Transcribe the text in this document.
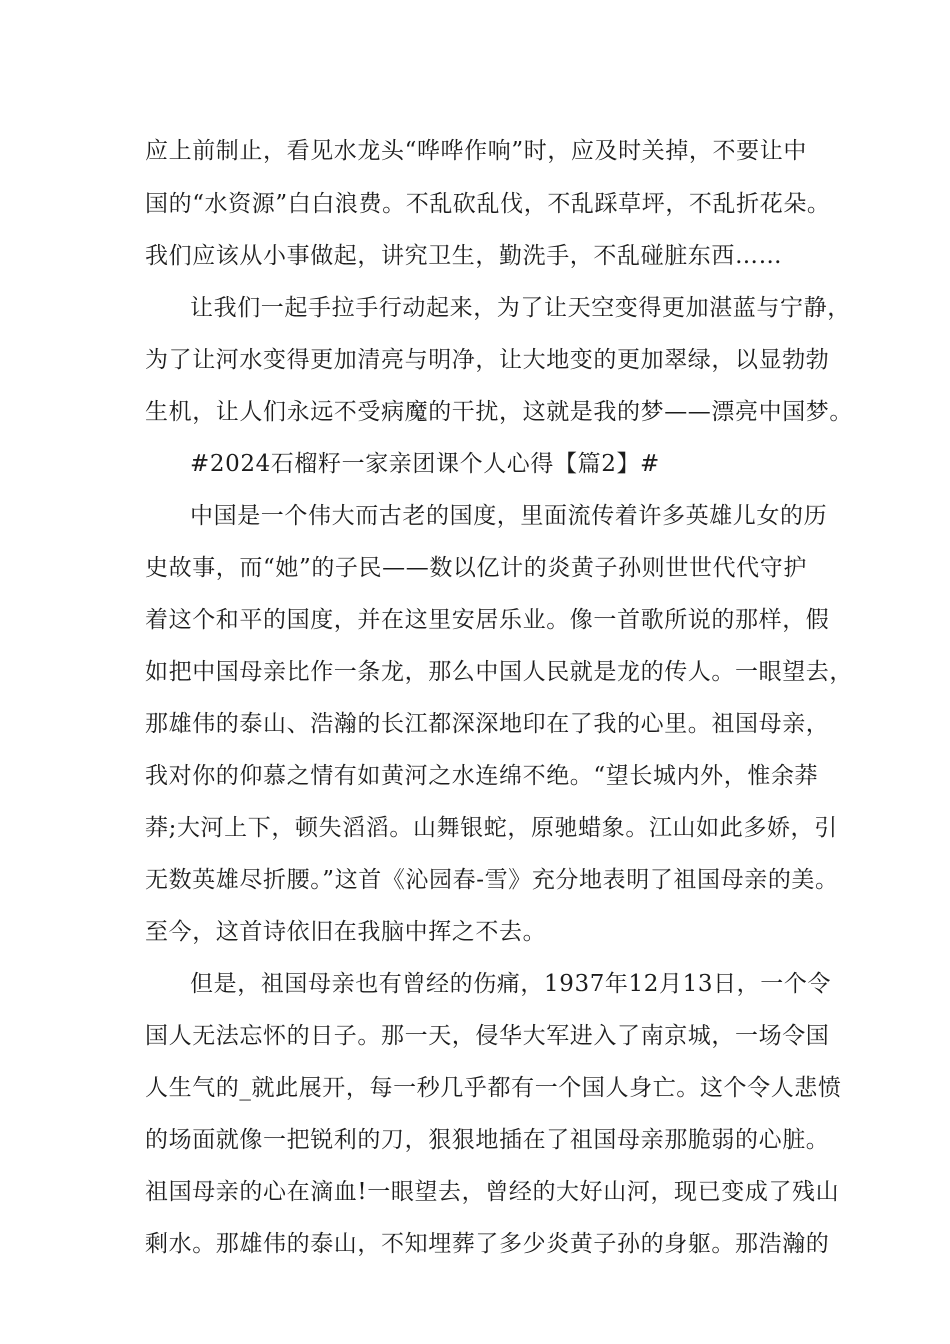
应上前制止，看见水龙头“哗哗作响”时，应及时关掉，不要让中
国的“水资源”白白浪费。不乱砍乱伐，不乱踩草坪，不乱折花朵。
我们应该从小事做起，讲究卫生，勤洗手，不乱碰脏东西……
让我们一起手拉手行动起来，为了让天空变得更加湛蓝与宁静，
为了让河水变得更加清亮与明净，让大地变的更加翠绿，以显勃勃
生机，让人们永远不受病魔的干扰，这就是我的梦——漂亮中国梦。
#2024石榴籽一家亲团课个人心得【篇2】#
中国是一个伟大而古老的国度，里面流传着许多英雄儿女的历
史故事，而“她”的子民——数以亿计的炎黄子孙则世世代代守护
着这个和平的国度，并在这里安居乐业。像一首歌所说的那样，假
如把中国母亲比作一条龙，那么中国人民就是龙的传人。一眼望去，
那雄伟的泰山、浩瀚的长江都深深地印在了我的心里。祖国母亲，
我对你的仰慕之情有如黄河之水连绵不绝。“望长城内外，惟余莽
莽;大河上下，顿失滔滔。山舞银蛇，原驰蜡象。江山如此多娇，引
无数英雄尽折腰。”这首《沁园春-雪》充分地表明了祖国母亲的美。
至今，这首诗依旧在我脑中挥之不去。
但是，祖国母亲也有曾经的伤痛，1937年12月13日，一个令
国人无法忘怀的日子。那一天，侵华大军进入了南京城，一场令国
人生气的_就此展开，每一秒几乎都有一个国人身亡。这个令人悲愤
的场面就像一把锐利的刀，狠狠地插在了祖国母亲那脆弱的心脏。
祖国母亲的心在滴血!一眼望去，曾经的大好山河，现已变成了残山
剩水。那雄伟的泰山，不知埋葬了多少炎黄子孙的身躯。那浩瀚的
